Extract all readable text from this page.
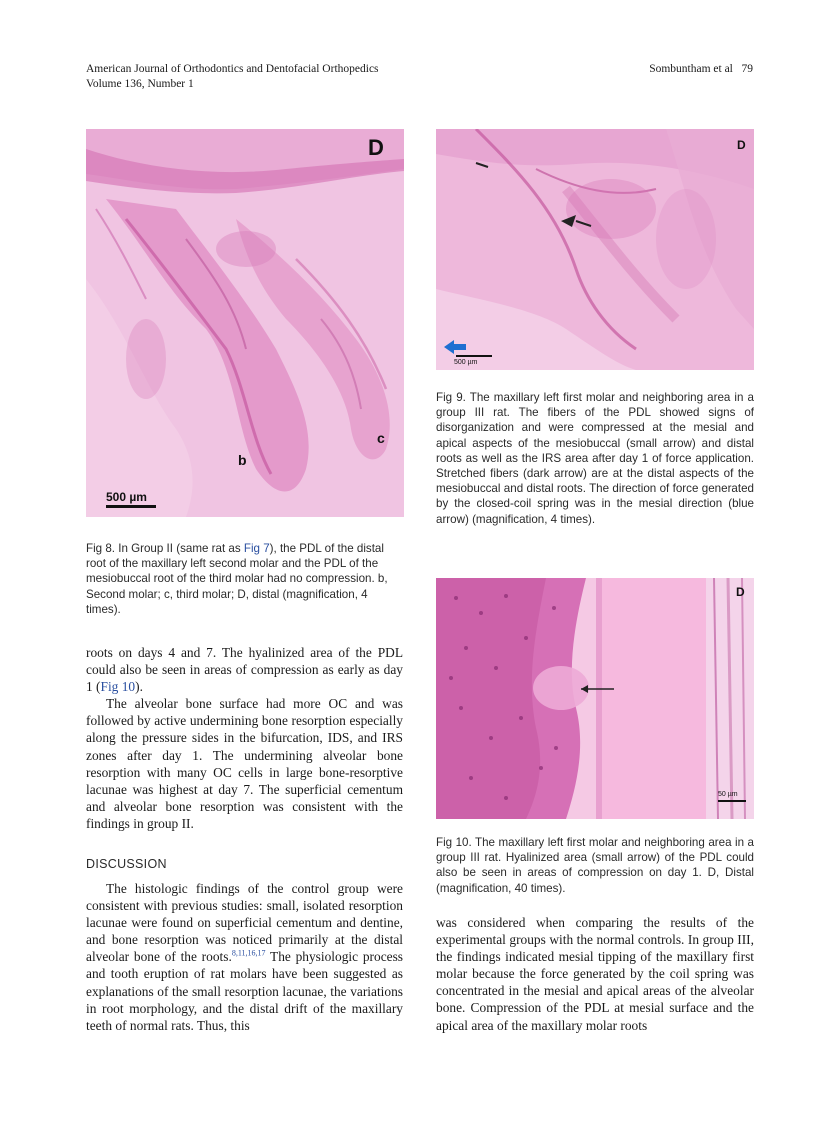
American Journal of Orthodontics and Dentofacial Orthopedics
Volume 136, Number 1
Sombuntham et al 79
D
b
c
500 µm
Fig 8. In Group II (same rat as Fig 7), the PDL of the distal root of the maxillary left second molar and the PDL of the mesiobuccal root of the third molar had no compression. b, Second molar; c, third molar; D, distal (magnification, 4 times).
D
500 µm
Fig 9. The maxillary left first molar and neighboring area in a group III rat. The fibers of the PDL showed signs of disorganization and were compressed at the mesial and apical aspects of the mesiobuccal (small arrow) and distal roots as well as the IRS area after day 1 of force application. Stretched fibers (dark arrow) are at the distal aspects of the mesiobuccal and distal roots. The direction of force generated by the closed-coil spring was in the mesial direction (blue arrow) (magnification, 4 times).
D
50 µm
Fig 10. The maxillary left first molar and neighboring area in a group III rat. Hyalinized area (small arrow) of the PDL could also be seen in areas of compression on day 1. D, Distal (magnification, 40 times).

roots on days 4 and 7. The hyalinized area of the PDL could also be seen in areas of compression as early as day 1 (Fig 10).

The alveolar bone surface had more OC and was followed by active undermining bone resorption especially along the pressure sides in the bifurcation, IDS, and IRS zones after day 1. The undermining alveolar bone resorption with many OC cells in large bone-resorptive lacunae was highest at day 7. The superficial cementum and alveolar bone resorption was consistent with the findings in group II.

DISCUSSION

The histologic findings of the control group were consistent with previous studies: small, isolated resorption lacunae were found on superficial cementum and dentine, and bone resorption was noticed primarily at the distal alveolar bone of the roots.$^{8,11,16,17}$ The physiologic process and tooth eruption of rat molars have been suggested as explanations of the small resorption lacunae, the variations in root morphology, and the distal drift of the maxillary teeth of normal rats. Thus, this

was considered when comparing the results of the experimental groups with the normal controls. In group III, the findings indicated mesial tipping of the maxillary first molar because the force generated by the coil spring was concentrated in the mesial and apical areas of the alveolar bone. Compression of the PDL at mesial surface and the apical area of the maxillary molar roots
